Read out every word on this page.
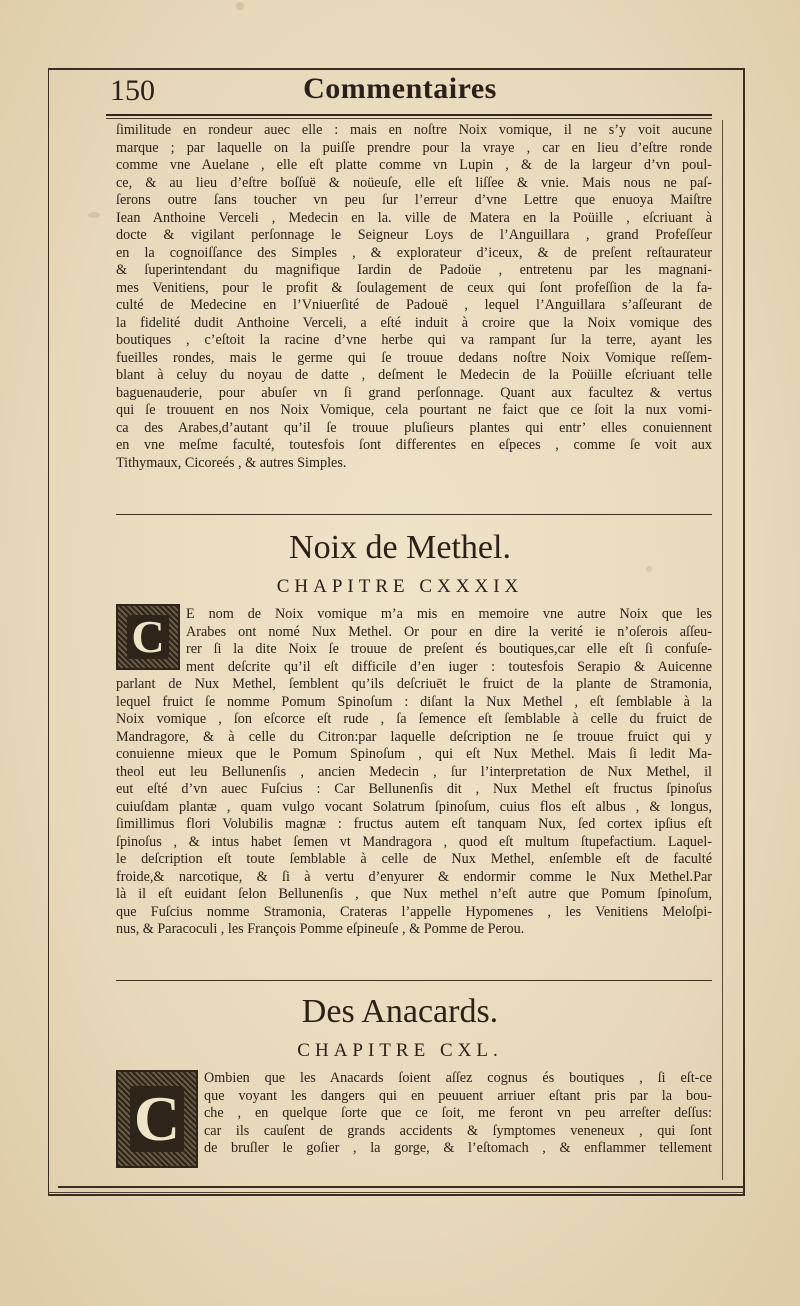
150	Commentaires
ſimilitude en rondeur auec elle : mais en noſtre Noix vomique, il ne s’y voit aucune
marque ; par laquelle on la puiſſe prendre pour la vraye , car en lieu d’eſtre ronde
comme vne Auelane , elle eſt platte comme vn Lupin , & de la largeur d’vn poul-
ce, & au lieu d’eſtre boſſuë & noüeuſe, elle eſt liſſee & vnie. Mais nous ne paſ-
ſerons outre ſans toucher vn peu ſur l’erreur d’vne Lettre que enuoya Maiſtre
Iean Anthoine Verceli , Medecin en la. ville de Matera en la Poüille , eſcriuant à
docte & vigilant perſonnage le Seigneur Loys de l’Anguillara , grand Profeſſeur
en la cognoiſſance des Simples , & explorateur d’iceux, & de preſent reſtaurateur
& ſuperintendant du magnifique Iardin de Padoüe , entretenu par les magnani-
mes Venitiens, pour le profit & ſoulagement de ceux qui ſont profeſſion de la fa-
culté de Medecine en l’Vniuerſité de Padouë , lequel l’Anguillara s’aſſeurant de
la fidelité dudit Anthoine Verceli, a eſté induit à croire que la Noix vomique des
boutiques , c’eſtoit la racine d’vne herbe qui va rampant ſur la terre, ayant les
fueilles rondes, mais le germe qui ſe trouue dedans noſtre Noix Vomique reſſem-
blant à celuy du noyau de datte , deſment le Medecin de la Poüille eſcriuant telle
baguenauderie, pour abuſer vn ſi grand perſonnage. Quant aux facultez & vertus
qui ſe trouuent en nos Noix Vomique, cela pourtant ne faict que ce ſoit la nux vomi-
ca des Arabes,d’autant qu’il ſe trouue pluſieurs plantes qui entr’ elles conuiennent
en vne meſme faculté, toutesfois ſont differentes en eſpeces , comme ſe voit aux
Tithymaux, Cicoreés , & autres Simples.
Noix de Methel.
CHAPITRE CXXXIX
C E nom de Noix vomique m’a mis en memoire vne autre Noix que les
Arabes ont nomé Nux Methel. Or pour en dire la verité ie n’oſerois aſſeu-
rer ſi la dite Noix ſe trouue de preſent és boutiques,car elle eſt ſi confuſe-
ment deſcrite qu’il eſt difficile d’en iuger : toutesfois Serapio & Auicenne
parlant de Nux Methel, ſemblent qu’ils deſcriuēt le fruict de la plante de Stramonia,
lequel fruict ſe nomme Pomum Spinoſum : diſant la Nux Methel , eſt ſemblable à la
Noix vomique , ſon eſcorce eſt rude , ſa ſemence eſt ſemblable à celle du fruict de
Mandragore, & à celle du Citron:par laquelle deſcription ne ſe trouue fruict qui y
conuienne mieux que le Pomum Spinoſum , qui eſt Nux Methel. Mais ſi ledit Ma-
theol eut leu Bellunenſis , ancien Medecin , ſur l’interpretation de Nux Methel, il
eut eſté d’vn auec Fuſcius : Car Bellunenſis dit , Nux Methel eſt fructus ſpinoſus
cuiuſdam plantæ , quam vulgo vocant Solatrum ſpinoſum, cuius flos eſt albus , & longus,
ſimillimus flori Volubilis magnæ : fructus autem eſt tanquam Nux, ſed cortex ipſius eſt
ſpinoſus , & intus habet ſemen vt Mandragora , quod eſt multum ſtupefactium. Laquel-
le deſcription eſt toute ſemblable à celle de Nux Methel, enſemble eſt de faculté
froide,& narcotique, & ſi à vertu d’enyurer & endormir comme le Nux Methel.Par
là il eſt euidant ſelon Bellunenſis , que Nux methel n’eſt autre que Pomum ſpinoſum,
que Fuſcius nomme Stramonia, Crateras l’appelle Hypomenes , les Venitiens Meloſpi-
nus, & Paracoculi , les François Pomme eſpineuſe , & Pomme de Perou.
Des Anacards.
CHAPITRE CXL.
C
Ombien que les Anacards ſoient aſſez cognus és boutiques , ſi eſt-ce
que voyant les dangers qui en peuuent arriuer eſtant pris par la bou-
che , en quelque ſorte que ce ſoit, me feront vn peu arreſter deſſus:
car ils cauſent de grands accidents & ſymptomes veneneux , qui ſont
de bruſler le goſier , la gorge, & l’eſtomach , & enflammer tellement
